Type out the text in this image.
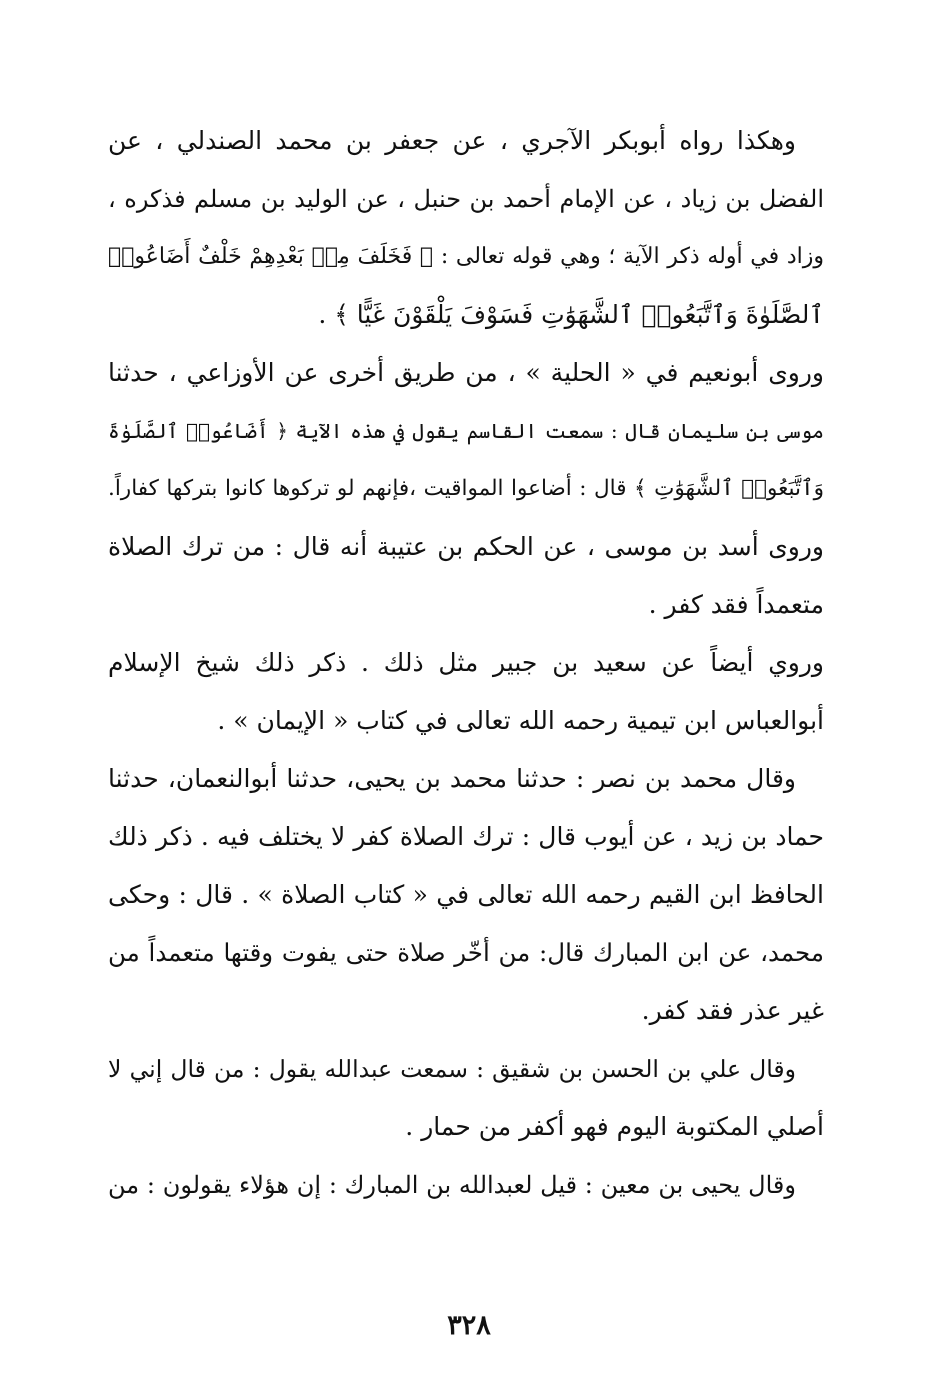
وهكذا رواه أبوبكر الآجري ، عن جعفر بن محمد الصندلي ، عن
الفضل بن زياد ، عن الإمام أحمد بن حنبل ، عن الوليد بن مسلم فذكره ،
وزاد في أوله ذكر الآية ؛ وهي قوله تعالى : ﴿ فَخَلَفَ مِنۢ بَعْدِهِمْ خَلْفٌ أَضَاعُوا۟
ٱلصَّلَوٰةَ وَٱتَّبَعُوا۟ ٱلشَّهَوَٰتِ فَسَوْفَ يَلْقَوْنَ غَيًّا ﴾ .
وروى أبونعيم في « الحلية » ، من طريق أخرى عن الأوزاعي ، حدثنا
موسى بن سليمان قال : سمعت القاسم يقول في هذه الآية ﴿ أَضَاعُوا۟ ٱلصَّلَوٰةَ
وَٱتَّبَعُوا۟ ٱلشَّهَوَٰتِ ﴾ قال : أضاعوا المواقيت ،فإنهم لو تركوها كانوا بتركها كفاراً.
وروى أسد بن موسى ، عن الحكم بن عتيبة أنه قال : من ترك الصلاة
متعمداً فقد كفر .
وروي أيضاً عن سعيد بن جبير مثل ذلك . ذكر ذلك شيخ الإسلام
أبوالعباس ابن تيمية رحمه الله تعالى في كتاب « الإيمان » .
وقال محمد بن نصر : حدثنا محمد بن يحيى، حدثنا أبوالنعمان، حدثنا
حماد بن زيد ، عن أيوب قال : ترك الصلاة كفر لا يختلف فيه . ذكر ذلك
الحافظ ابن القيم رحمه الله تعالى في « كتاب الصلاة » . قال : وحكى
محمد، عن ابن المبارك قال: من أخّر صلاة حتى يفوت وقتها متعمداً من
غير عذر فقد كفر.
وقال علي بن الحسن بن شقيق : سمعت عبدالله يقول : من قال إني لا
أصلي المكتوبة اليوم فهو أكفر من حمار .
وقال يحيى بن معين : قيل لعبدالله بن المبارك : إن هؤلاء يقولون : من
٣٢٨
